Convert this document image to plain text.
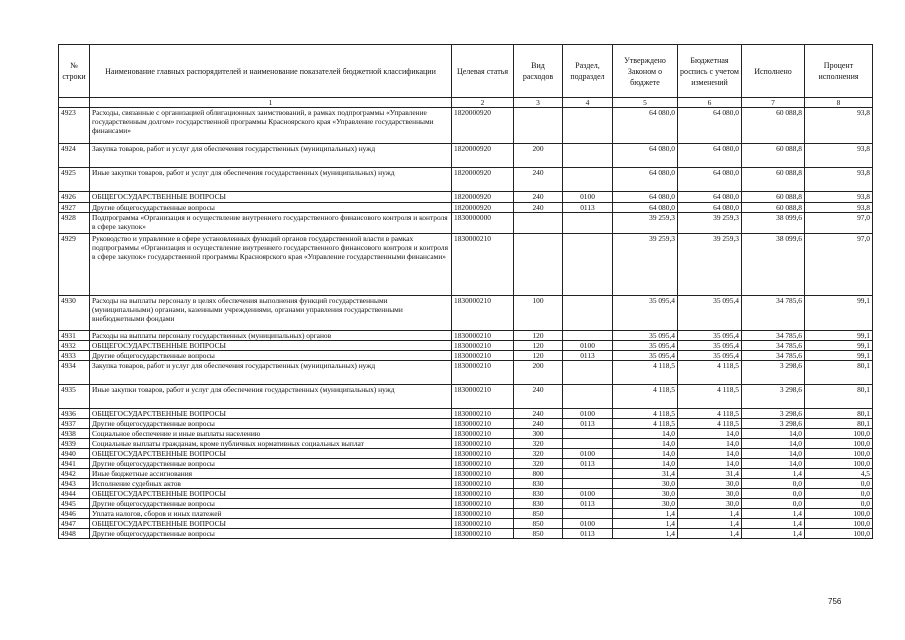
№ строки	Наименование главных распорядителей и наименование показателей бюджетной классификации	Целевая статья	Вид расходов	Раздел, подраздел	Утверждено Законом о бюджете	Бюджетная роспись с учетом изменений	Исполнено	Процент исполнения
	1	2	3	4	5	6	7	8
4923	Расходы, связанные с организацией облигационных заимствований, в рамках подпрограммы «Управление государственным долгом» государственной программы Красноярского края «Управление государственными финансами»	1820000920			64 080,0	64 080,0	60 088,8	93,8
4924	Закупка товаров, работ и услуг для обеспечения государственных (муниципальных) нужд	1820000920	200		64 080,0	64 080,0	60 088,8	93,8
4925	Иные закупки товаров, работ и услуг для обеспечения государственных (муниципальных) нужд	1820000920	240		64 080,0	64 080,0	60 088,8	93,8
4926	ОБЩЕГОСУДАРСТВЕННЫЕ ВОПРОСЫ	1820000920	240	0100	64 080,0	64 080,0	60 088,8	93,8
4927	Другие общегосударственные вопросы	1820000920	240	0113	64 080,0	64 080,0	60 088,8	93,8
4928	Подпрограмма «Организация и осуществление внутреннего государственного финансового контроля и контроля в сфере закупок»	1830000000			39 259,3	39 259,3	38 099,6	97,0
4929	Руководство и управление в сфере установленных функций органов государственной власти в рамках подпрограммы «Организация и осуществление внутреннего государственного финансового контроля и контроля в сфере закупок» государственной программы Красноярского края «Управление государственными финансами»	1830000210			39 259,3	39 259,3	38 099,6	97,0
4930	Расходы на выплаты персоналу в целях обеспечения выполнения функций государственными (муниципальными) органами, казенными учреждениями, органами управления государственными внебюджетными фондами	1830000210	100		35 095,4	35 095,4	34 785,6	99,1
4931	Расходы на выплаты персоналу государственных (муниципальных) органов	1830000210	120		35 095,4	35 095,4	34 785,6	99,1
4932	ОБЩЕГОСУДАРСТВЕННЫЕ ВОПРОСЫ	1830000210	120	0100	35 095,4	35 095,4	34 785,6	99,1
4933	Другие общегосударственные вопросы	1830000210	120	0113	35 095,4	35 095,4	34 785,6	99,1
4934	Закупка товаров, работ и услуг для обеспечения государственных (муниципальных) нужд	1830000210	200		4 118,5	4 118,5	3 298,6	80,1
4935	Иные закупки товаров, работ и услуг для обеспечения государственных (муниципальных) нужд	1830000210	240		4 118,5	4 118,5	3 298,6	80,1
4936	ОБЩЕГОСУДАРСТВЕННЫЕ ВОПРОСЫ	1830000210	240	0100	4 118,5	4 118,5	3 298,6	80,1
4937	Другие общегосударственные вопросы	1830000210	240	0113	4 118,5	4 118,5	3 298,6	80,1
4938	Социальное обеспечение и иные выплаты населению	1830000210	300		14,0	14,0	14,0	100,0
4939	Социальные выплаты гражданам, кроме публичных нормативных социальных выплат	1830000210	320		14,0	14,0	14,0	100,0
4940	ОБЩЕГОСУДАРСТВЕННЫЕ ВОПРОСЫ	1830000210	320	0100	14,0	14,0	14,0	100,0
4941	Другие общегосударственные вопросы	1830000210	320	0113	14,0	14,0	14,0	100,0
4942	Иные бюджетные ассигнования	1830000210	800		31,4	31,4	1,4	4,5
4943	Исполнение судебных актов	1830000210	830		30,0	30,0	0,0	0,0
4944	ОБЩЕГОСУДАРСТВЕННЫЕ ВОПРОСЫ	1830000210	830	0100	30,0	30,0	0,0	0,0
4945	Другие общегосударственные вопросы	1830000210	830	0113	30,0	30,0	0,0	0,0
4946	Уплата налогов, сборов и иных платежей	1830000210	850		1,4	1,4	1,4	100,0
4947	ОБЩЕГОСУДАРСТВЕННЫЕ ВОПРОСЫ	1830000210	850	0100	1,4	1,4	1,4	100,0
4948	Другие общегосударственные вопросы	1830000210	850	0113	1,4	1,4	1,4	100,0
756
